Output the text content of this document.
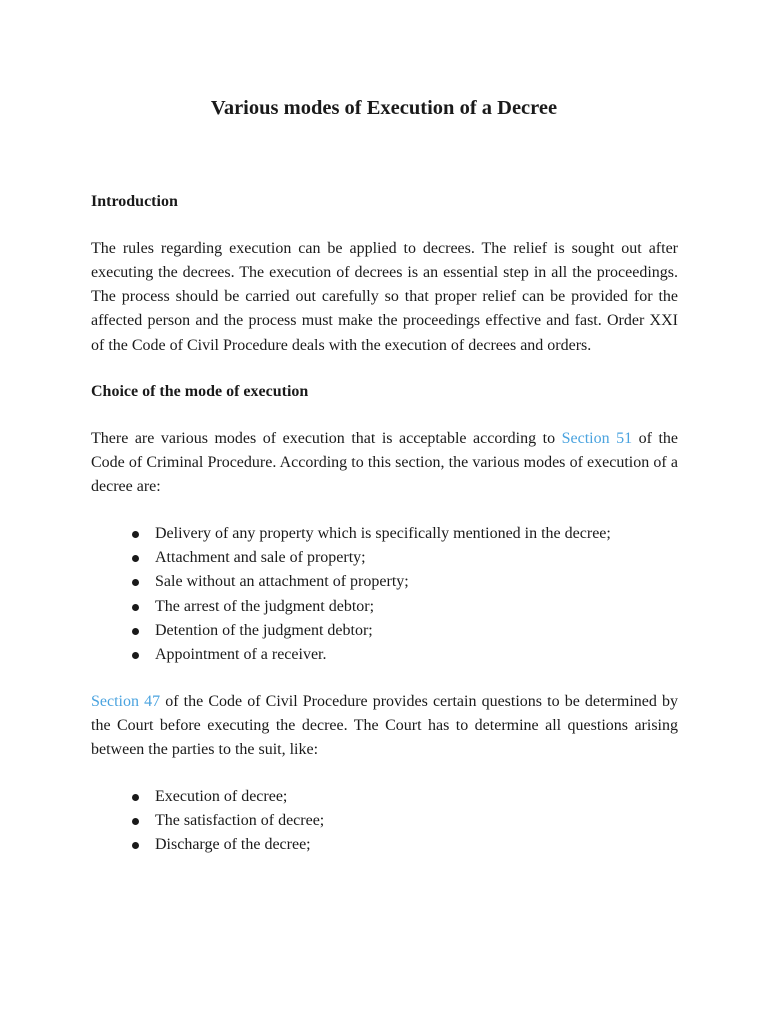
Various modes of Execution of a Decree
Introduction

The rules regarding execution can be applied to decrees. The relief is sought out after executing the decrees. The execution of decrees is an essential step in all the proceedings. The process should be carried out carefully so that proper relief can be provided for the affected person and the process must make the proceedings effective and fast. Order XXI of the Code of Civil Procedure deals with the execution of decrees and orders.

Choice of the mode of execution

There are various modes of execution that is acceptable according to Section 51 of the Code of Criminal Procedure. According to this section, the various modes of execution of a decree are:

Delivery of any property which is specifically mentioned in the decree;
Attachment and sale of property;
Sale without an attachment of property;
The arrest of the judgment debtor;
Detention of the judgment debtor;
Appointment of a receiver.

Section 47 of the Code of Civil Procedure provides certain questions to be determined by the Court before executing the decree. The Court has to determine all questions arising between the parties to the suit, like:

Execution of decree;
The satisfaction of decree;
Discharge of the decree;
